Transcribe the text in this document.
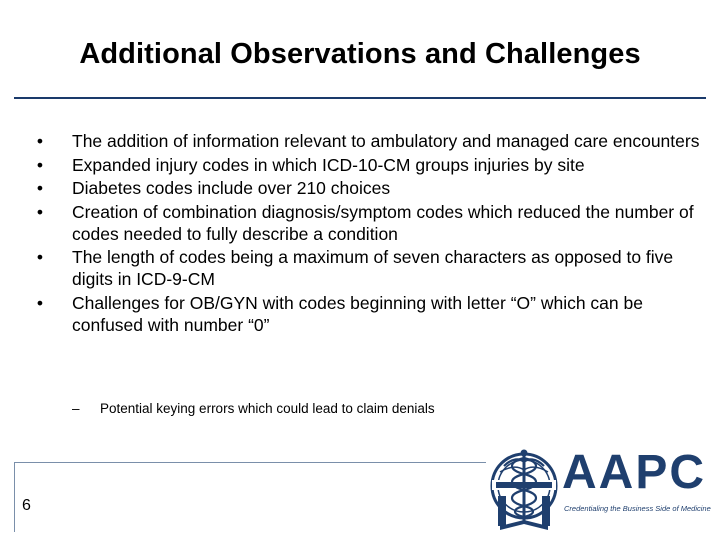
Additional Observations and Challenges
•	The addition of information relevant to ambulatory and managed care encounters
•	Expanded injury codes in which ICD-10-CM groups injuries by site
•	Diabetes codes include over 210 choices
•	Creation of combination diagnosis/symptom codes which reduced the number of codes needed to fully describe a condition
•	The length of codes being a maximum of seven characters as opposed to five digits in ICD-9-CM
•	Challenges for OB/GYN with codes beginning with letter “O” which can be confused with number “0”
– Potential keying errors which could lead to claim denials
6
AAPC
Credentialing the Business Side of Medicine
